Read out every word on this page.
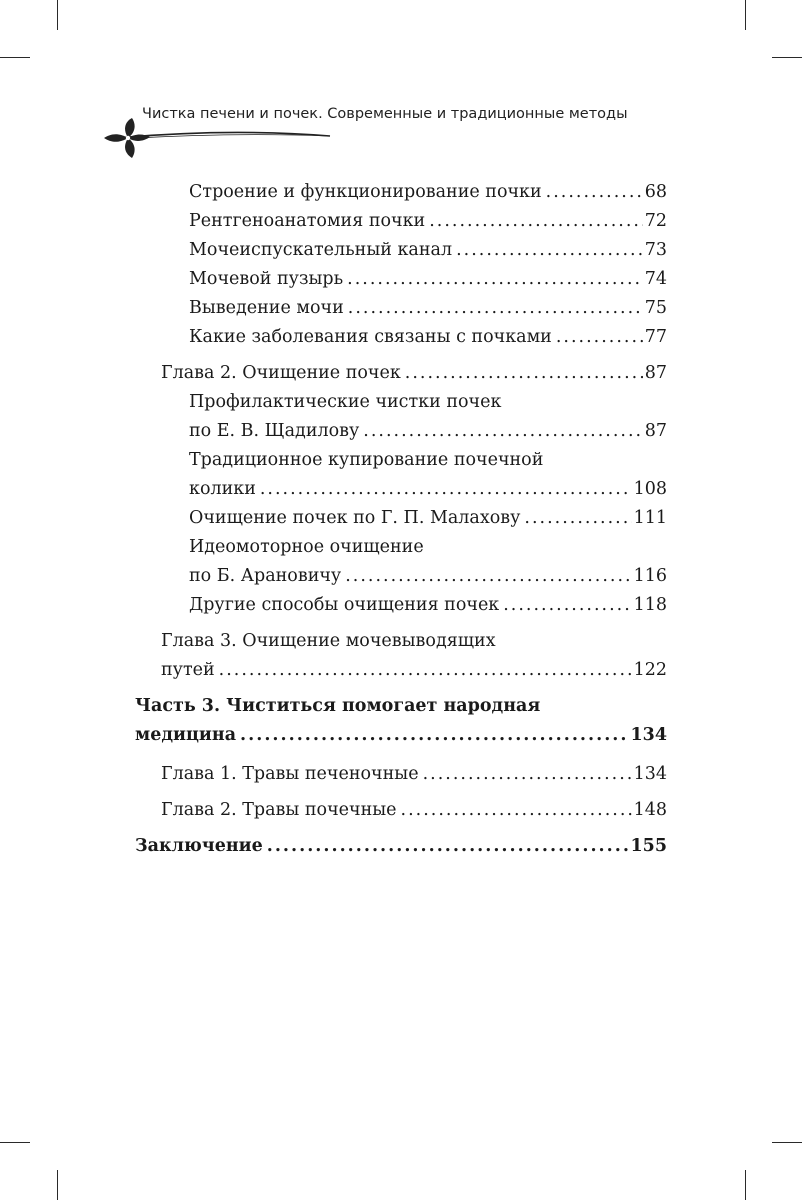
Чистка печени и почек. Современные и традиционные методы
Строение и функционирование почки .....	68
Рентгеноанатомия почки .....	72
Мочеиспускательный канал .....	73
Мочевой пузырь .....	74
Выведение мочи .....	75
Какие заболевания связаны с почками .....	77
Глава 2. Очищение почек .....	87
Профилактические чистки почек
по Е. В. Щадилову .....	87
Традиционное купирование почечной
колики .....	108
Очищение почек по Г. П. Малахову .....	111
Идеомоторное очищение
по Б. Арановичу .....	116
Другие способы очищения почек .....	118
Глава 3. Очищение мочевыводящих
путей .....	122
Часть 3. Чиститься помогает народная
медицина .....	134
Глава 1. Травы печеночные .....	134
Глава 2. Травы почечные .....	148
Заключение .....	155
